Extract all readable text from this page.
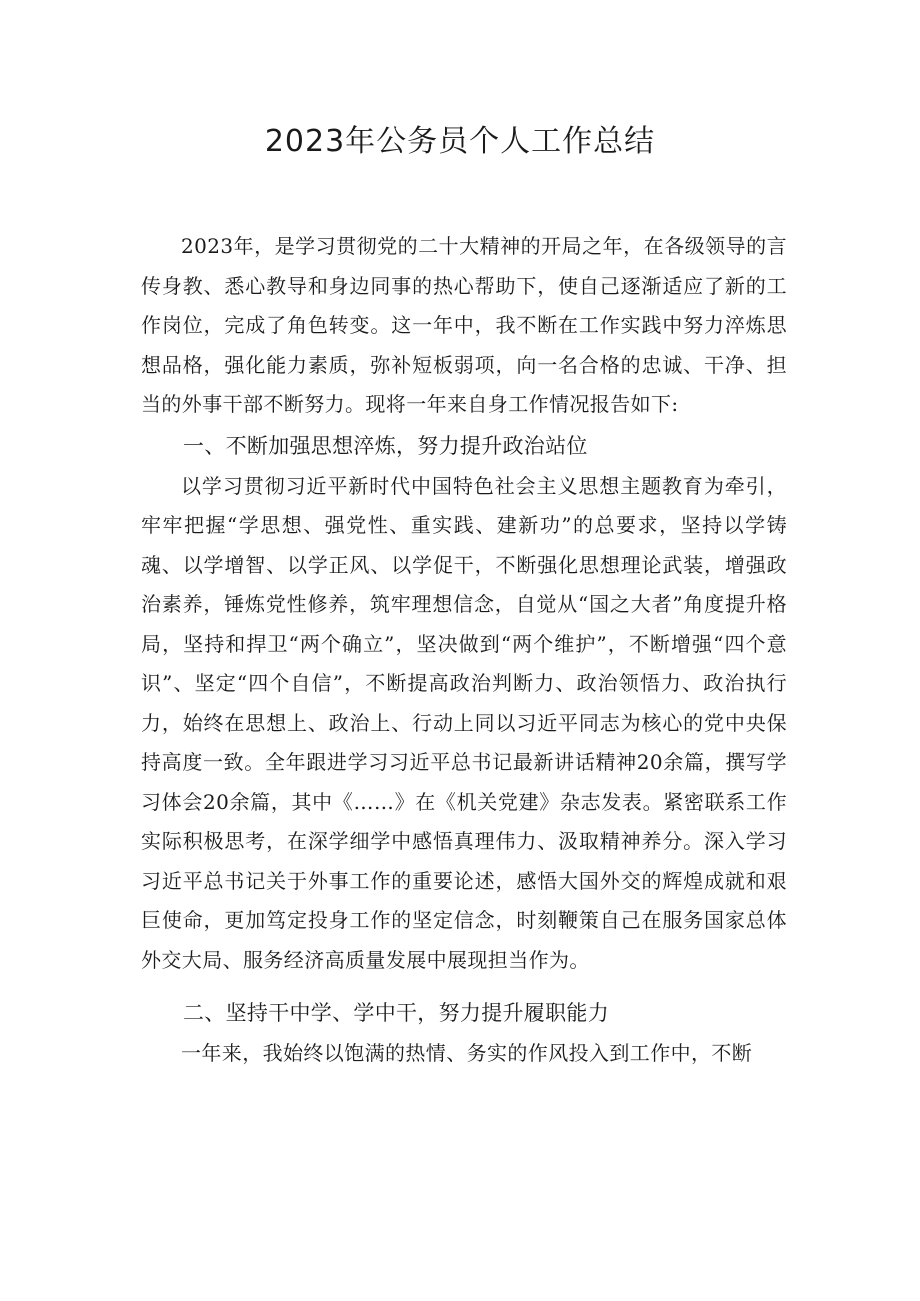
2023年公务员个人工作总结

2023年，是学习贯彻党的二十大精神的开局之年，在各级领导的言传身教、悉心教导和身边同事的热心帮助下，使自己逐渐适应了新的工作岗位，完成了角色转变。这一年中，我不断在工作实践中努力淬炼思想品格，强化能力素质，弥补短板弱项，向一名合格的忠诚、干净、担当的外事干部不断努力。现将一年来自身工作情况报告如下:

一、不断加强思想淬炼，努力提升政治站位

以学习贯彻习近平新时代中国特色社会主义思想主题教育为牵引，牢牢把握“学思想、强党性、重实践、建新功”的总要求，坚持以学铸魂、以学增智、以学正风、以学促干，不断强化思想理论武装，增强政治素养，锤炼党性修养，筑牢理想信念，自觉从“国之大者”角度提升格局，坚持和捍卫“两个确立”，坚决做到“两个维护”，不断增强“四个意识”、坚定“四个自信”，不断提高政治判断力、政治领悟力、政治执行力，始终在思想上、政治上、行动上同以习近平同志为核心的党中央保持高度一致。全年跟进学习习近平总书记最新讲话精神20余篇，撰写学习体会20余篇，其中《……》在《机关党建》杂志发表。紧密联系工作实际积极思考，在深学细学中感悟真理伟力、汲取精神养分。深入学习习近平总书记关于外事工作的重要论述，感悟大国外交的辉煌成就和艰巨使命，更加笃定投身工作的坚定信念，时刻鞭策自己在服务国家总体外交大局、服务经济高质量发展中展现担当作为。

二、坚持干中学、学中干，努力提升履职能力

一年来，我始终以饱满的热情、务实的作风投入到工作中，不断
